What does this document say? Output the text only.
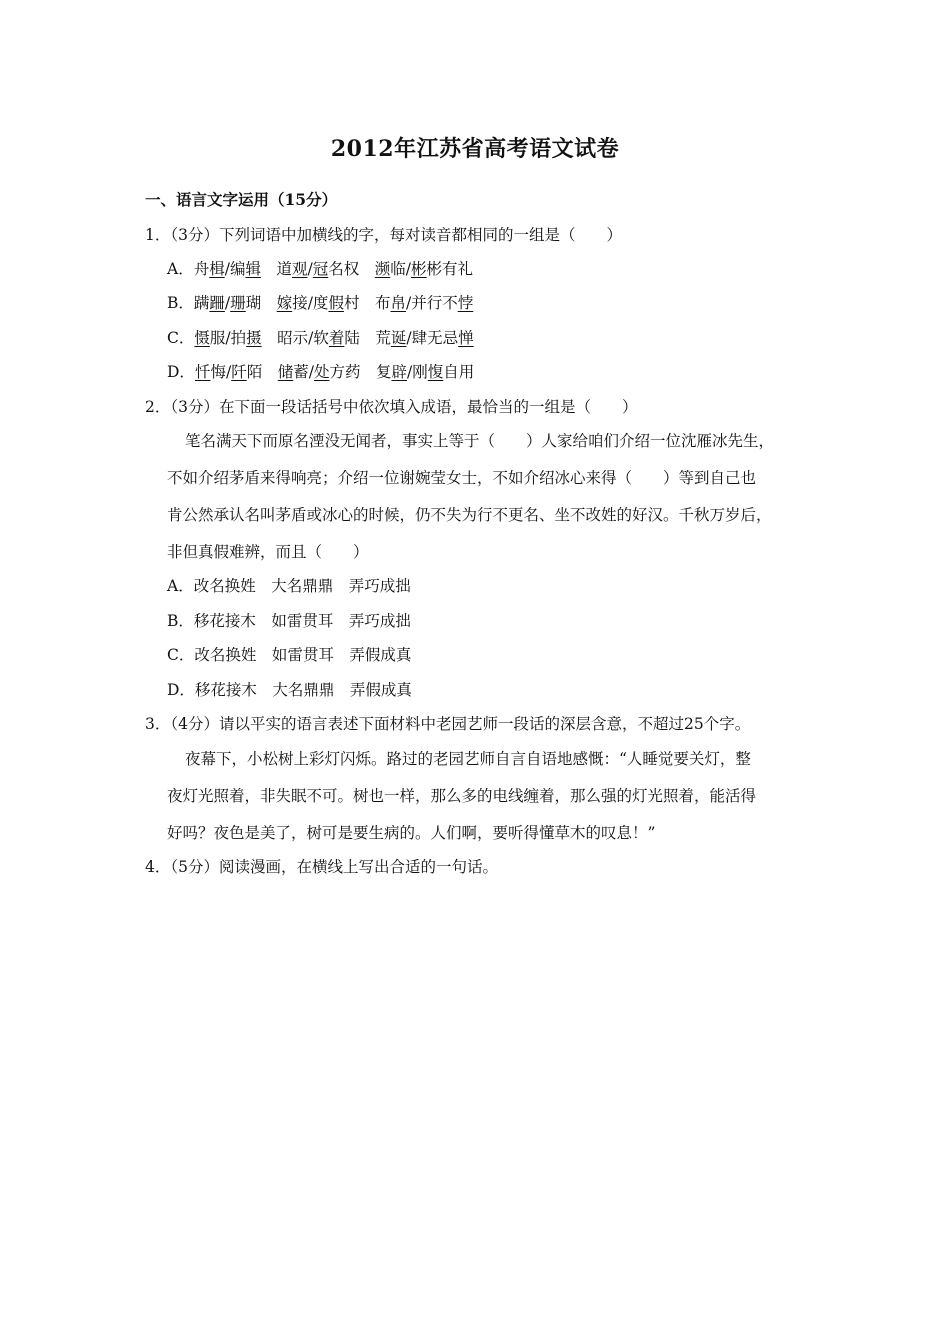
2012年江苏省高考语文试卷
一、语言文字运用（15分）
1．（3分）下列词语中加横线的字，每对读音都相同的一组是（　　）
A．舟楫/编辑　道观/冠名权　濒临/彬彬有礼
B．蹒跚/珊瑚　嫁接/度假村　布帛/并行不悖
C．慑服/拍摄　昭示/软着陆　荒诞/肆无忌惮
D．忏悔/阡陌　储蓄/处方药　复辟/刚愎自用
2．（3分）在下面一段话括号中依次填入成语，最恰当的一组是（　　）
笔名满天下而原名湮没无闻者，事实上等于（　　）人家给咱们介绍一位沈雁冰先生，
不如介绍茅盾来得响亮；介绍一位谢婉莹女士，不如介绍冰心来得（　　）等到自己也
肯公然承认名叫茅盾或冰心的时候，仍不失为行不更名、坐不改姓的好汉。千秋万岁后，
非但真假难辨，而且（　　）
A．改名换姓　大名鼎鼎　弄巧成拙
B．移花接木　如雷贯耳　弄巧成拙
C．改名换姓　如雷贯耳　弄假成真
D．移花接木　大名鼎鼎　弄假成真
3．（4分）请以平实的语言表述下面材料中老园艺师一段话的深层含意，不超过25个字。
夜幕下，小松树上彩灯闪烁。路过的老园艺师自言自语地感慨：“人睡觉要关灯，整
夜灯光照着，非失眠不可。树也一样，那么多的电线缠着，那么强的灯光照着，能活得
好吗？夜色是美了，树可是要生病的。人们啊，要听得懂草木的叹息！”
4．（5分）阅读漫画，在横线上写出合适的一句话。
